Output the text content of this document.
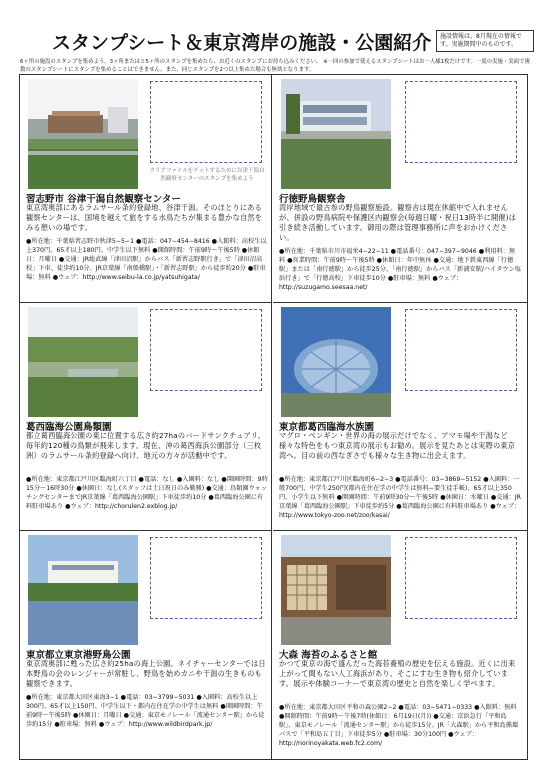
スタンプシート＆東京湾岸の施設・公園紹介	施設情報は、8月現在の情報です。実施期間中のものです。
6ヶ所の施設のスタンプを集めよう。3ヶ所またはと5ヶ所のスタンプを集めたら、お近くのスタンプにお持ち込みください。 ※一回の参加で使えるスタンプシートはお一人様1枚だけです。一度の実施・実面で複数のスタンプシートにスタンプを集めることはできません。また、同じスタンプを2つ以上集めた場合も無効となります。
クリアファイルをゲットするために谷津干潟自然観察センターのスタンプを集めよう
習志野市 谷津干潟自然観察センター
東京湾奥部にあるラムサール条約登録地、谷津干潟。そのほとりにある観察センターは、国境を越えて旅をする水鳥たちが集まる豊かな自然をみる憩いの場です。
●所在地：千葉県習志野市秋津5−5−1 ●電話：047−454−8416 ●入館料：高校生以上370円、65才以上180円、中学生以下無料 ●開館時間：午前9時〜午後5時 ●休館日：月曜日 ●交通：JR総武線「津田沼駅」からバス「新習志野駅行き」で「津田沼高校」下車、徒歩約10分。JR京葉線「南船橋駅」・「新習志野駅」から徒歩約20分 ●駐車場：無料 ●ウェブ：http://www.seibu-la.co.jp/yatsuhigata/
行徳野鳥観察舎
湾岸地域で最古参の野鳥観察施設。観察舎は現在休館中で入れませんが、併設の野鳥病院や保護区内観察会(毎週日曜・祝日13時半に開催)は引き続き活動しています。御用の際は管理事務所に声をおかけください。
●所在地：千葉県市川市福栄4−22−11 ●電話番号：047−397−9046 ●利用料：無料 ●営業時間：午前9時〜午後5時 ●休館日：年中無休 ●交通：地下鉄東西線「行徳駅」または「南行徳駅」から徒歩25分、「南行徳駅」からバス「新浦安駅/ハイタウン塩浜行き」で「行徳高校」下車徒歩10分 ●駐車場：無料 ●ウェブ：http://suzugamo.seesaa.net/
葛西臨海公園鳥類園
都立葛西臨海公園の東に位置する広さ約27haのバードサンクチュアリ。毎年約120種の鳥類が飛来します。現在、沖の葛西海浜公園部分（三枚洲）のラムサール条約登録へ向け、地元の方々が活動中です。
●所在地：東京都江戸川区臨海町六丁目 ●電話：なし ●入園料：なし ●開園時間：9時15分〜16時30分 ●休園日：なし(スタッフは土日祝日のみ勤務) ●交通：鳥類園ウォッチングセンターまでJR京葉線「葛西臨海公園駅」下車徒歩約10分 ●葛西臨海公園に有料駐車場あり ●ウェブ：http://chorulen2.exblog.jp/
東京都葛西臨海水族園
マグロ・ペンギン・世界の海の展示だけでなく、アマモ場や干潟など様々な特色をもつ東京湾の展示もお勧め。展示を見たあとは実際の東京湾へ。目の前の西なぎさでも様々な生き物に出会えます。
●所在地：東京都江戸川区臨海町6−2−3 ●電話番号：03−3869−5152 ●入園料：一般700円、中学生250円(都内在住在学の中学生は無料−要生徒手帳)、65才以上350円、小学生以下無料 ●開園時間：午前9時30分〜午後5時 ●休園日：水曜日 ●交通：JR京葉線「葛西臨海公園駅」下車徒歩約5分 ●葛西臨海公園に有料駐車場あり ●ウェブ：http://www.tokyo-zoo.net/zoo/kasai/
東京都立東京港野鳥公園
東京湾奥部に甦った広さ約25haの海上公園。ネイチャーセンターでは日本野鳥の会のレンジャーが常駐し、野鳥を始めカニや干潟の生きものも観察できます。
●所在地：東京都大田区東海3−1 ●電話：03−3799−5031 ●入園料：高校生以上300円、65才以上150円、中学生以下・都内在住在学の中学生は無料 ●開園時間：午前9時〜午後5時 ●休園日：月曜日 ●交通：東京モノレール「流通センター駅」から徒歩約15分 ●駐車場：無料 ●ウェブ：http://www.wildbirdpark.jp/
大森 海苔のふるさと館
かつて東京の海で盛んだった海苔養殖の歴史を伝える施設。近くに出来上がって間もない人工海浜があり、そこにすむ生き物も紹介しています。展示や体験コーナーで東京湾の歴史と自然を楽しく学べます。
●所在地：東京都大田区平和の森公園2−2 ●電話：03−5471−0333 ●入館料：無料 ●開館時間：午前9時〜午後7時(休館日：6月19日(月)) ●交通：京浜急行「平和島駅」、東京モノレール「流通センター駅」から徒歩15分。JR「大森駅」から平和島循環バスで「平和島五丁目」下車徒歩5分 ●駐車場：30分100円 ●ウェブ：http://norinoyakata.web.fc2.com/
